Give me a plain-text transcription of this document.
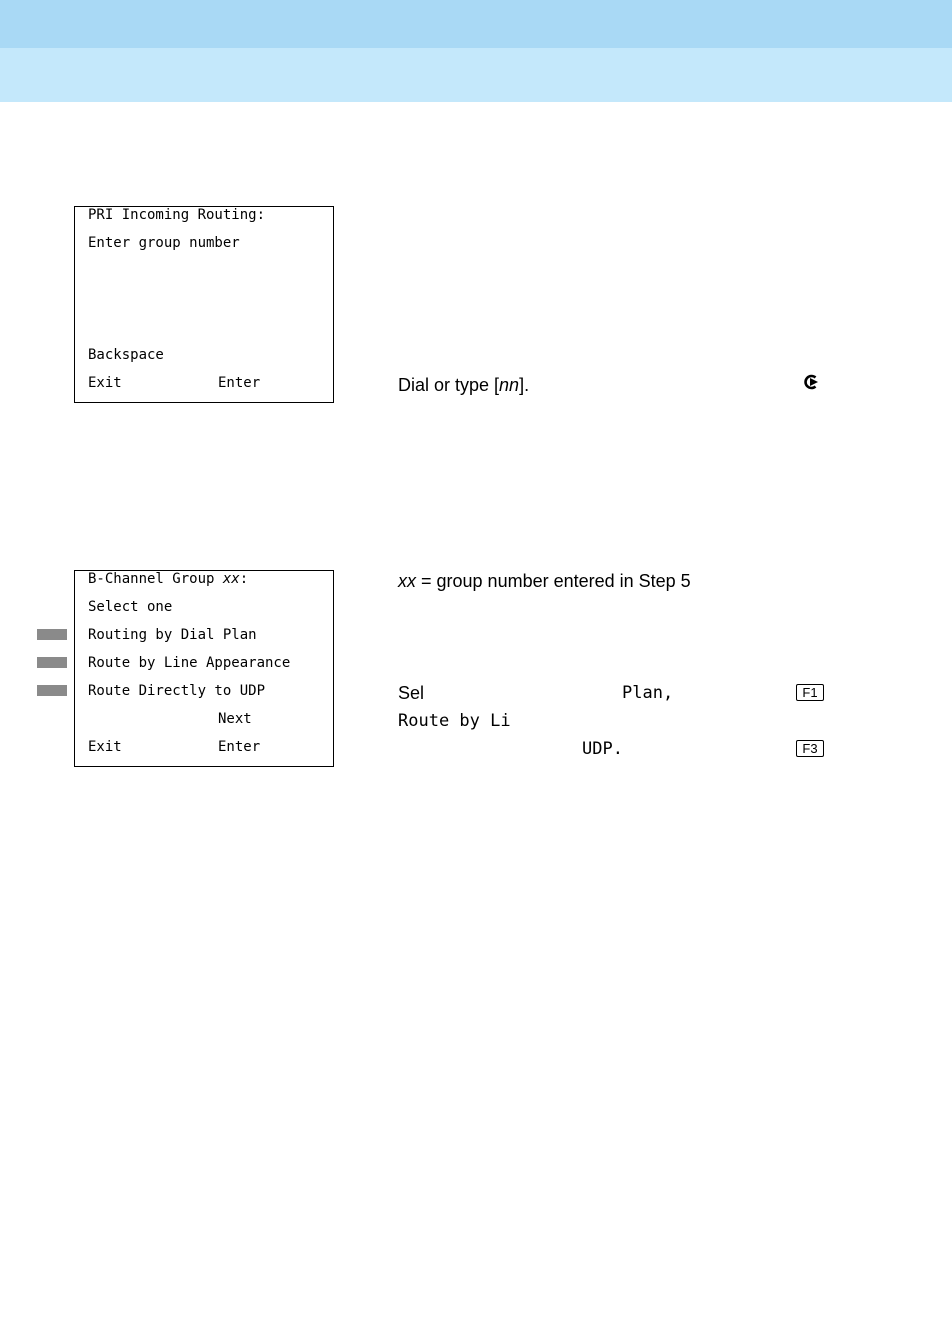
PRI Incoming Routing:
Enter group number
Backspace
Exit	Enter	Dial or type [nn].
B-Channel Group xx:
Select one
Routing by Dial Plan
Route by Line Appearance
Route Directly to UDP
Next
Exit	Enter
xx = group number entered in Step 5
Sel	Plan,	F1
Route by Li
UDP.	F3
